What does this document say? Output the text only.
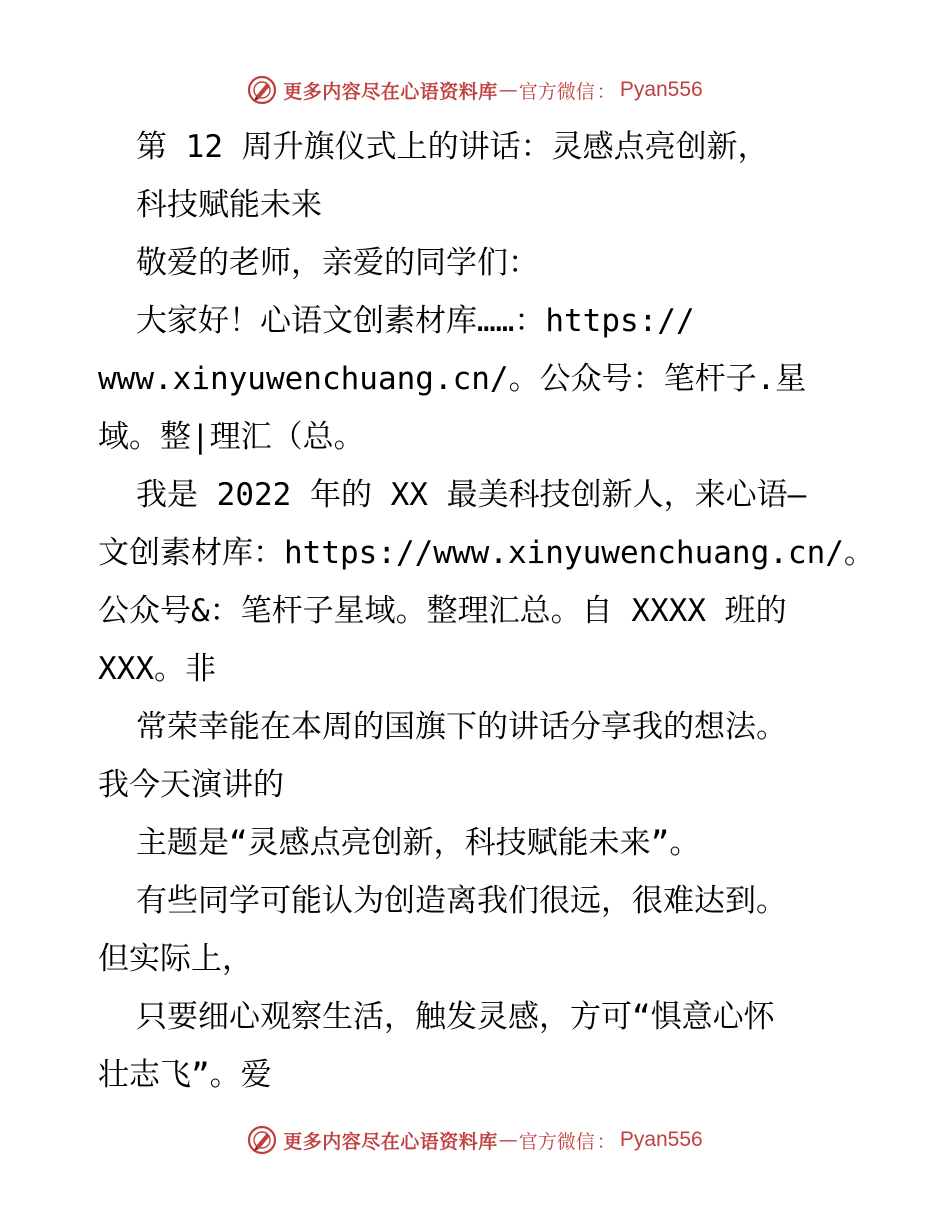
更多内容尽在心语资料库 — 官方微信 ： Pyan556
第 12 周升旗仪式上的讲话：灵感点亮创新，
科技赋能未来
敬爱的老师，亲爱的同学们：
大家好！心语文创素材库……：https://
www.xinyuwenchuang.cn/。公众号：笔杆子.星
域。整|理汇（总。
我是 2022 年的 XX 最美科技创新人，来心语—
文创素材库：https://www.xinyuwenchuang.cn/。
公众号&：笔杆子星域。整理汇总。自 XXXX 班的
XXX。非
常荣幸能在本周的国旗下的讲话分享我的想法。
我今天演讲的
主题是“灵感点亮创新，科技赋能未来”。
有些同学可能认为创造离我们很远，很难达到。
但实际上，
只要细心观察生活，触发灵感，方可“惧意心怀
壮志飞”。爱
更多内容尽在心语资料库 — 官方微信 ： Pyan556
